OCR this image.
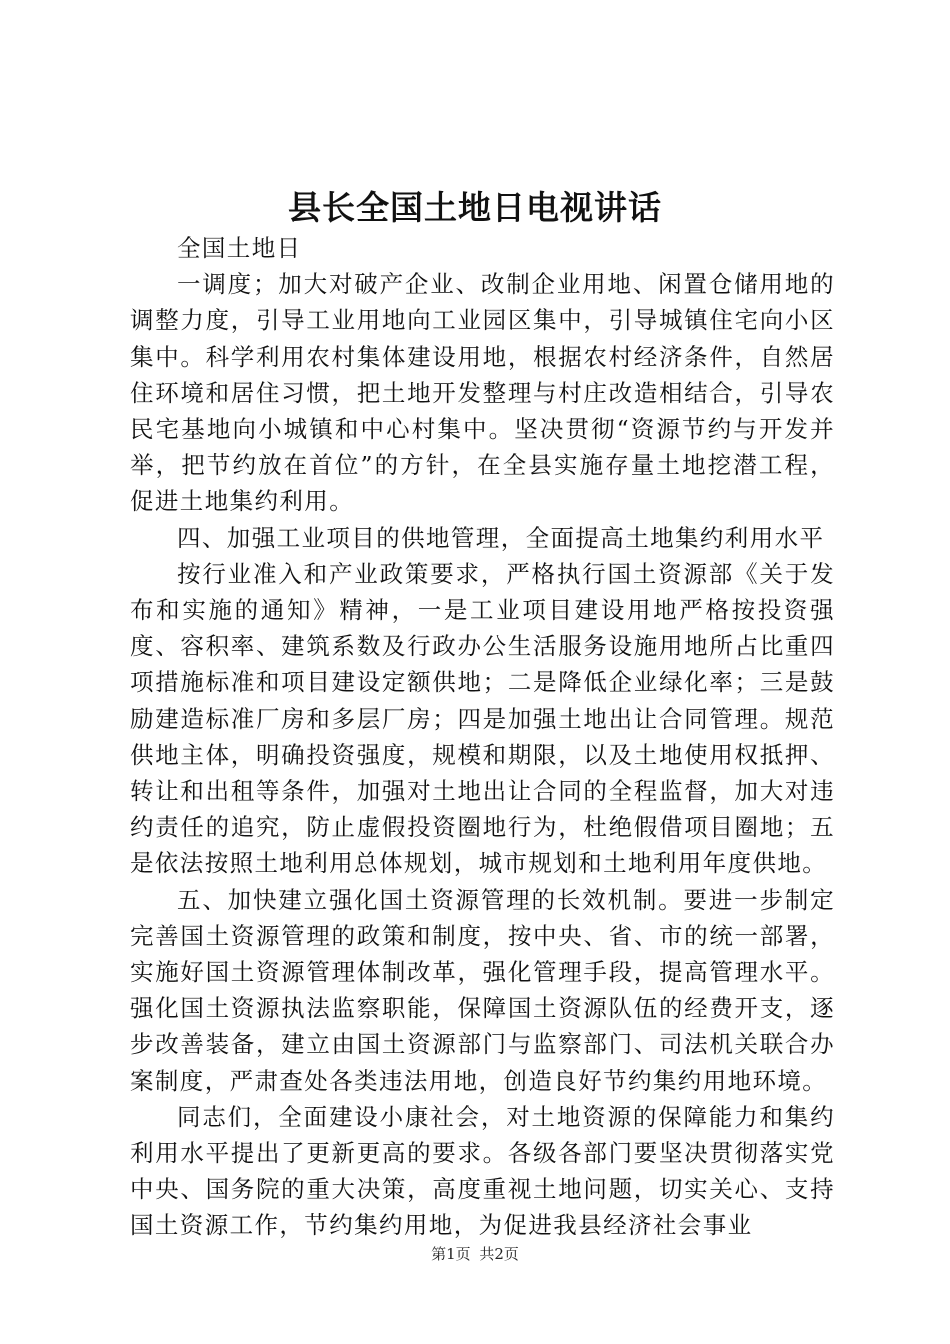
县长全国土地日电视讲话

全国土地日

一调度；加大对破产企业、改制企业用地、闲置仓储用地的调整力度，引导工业用地向工业园区集中，引导城镇住宅向小区集中。科学利用农村集体建设用地，根据农村经济条件，自然居住环境和居住习惯，把土地开发整理与村庄改造相结合，引导农民宅基地向小城镇和中心村集中。坚决贯彻“资源节约与开发并举，把节约放在首位”的方针，在全县实施存量土地挖潜工程，促进土地集约利用。

四、加强工业项目的供地管理，全面提高土地集约利用水平

按行业准入和产业政策要求，严格执行国土资源部《关于发布和实施的通知》精神，一是工业项目建设用地严格按投资强度、容积率、建筑系数及行政办公生活服务设施用地所占比重四项措施标准和项目建设定额供地；二是降低企业绿化率；三是鼓励建造标准厂房和多层厂房；四是加强土地出让合同管理。规范供地主体，明确投资强度，规模和期限，以及土地使用权抵押、转让和出租等条件，加强对土地出让合同的全程监督，加大对违约责任的追究，防止虚假投资圈地行为，杜绝假借项目圈地；五是依法按照土地利用总体规划，城市规划和土地利用年度供地。

五、加快建立强化国土资源管理的长效机制。要进一步制定完善国土资源管理的政策和制度，按中央、省、市的统一部署，实施好国土资源管理体制改革，强化管理手段，提高管理水平。强化国土资源执法监察职能，保障国土资源队伍的经费开支，逐步改善装备，建立由国土资源部门与监察部门、司法机关联合办案制度，严肃查处各类违法用地，创造良好节约集约用地环境。

同志们，全面建设小康社会，对土地资源的保障能力和集约利用水平提出了更新更高的要求。各级各部门要坚决贯彻落实党中央、国务院的重大决策，高度重视土地问题，切实关心、支持国土资源工作，节约集约用地，为促进我县经济社会事业

第1页 共2页
